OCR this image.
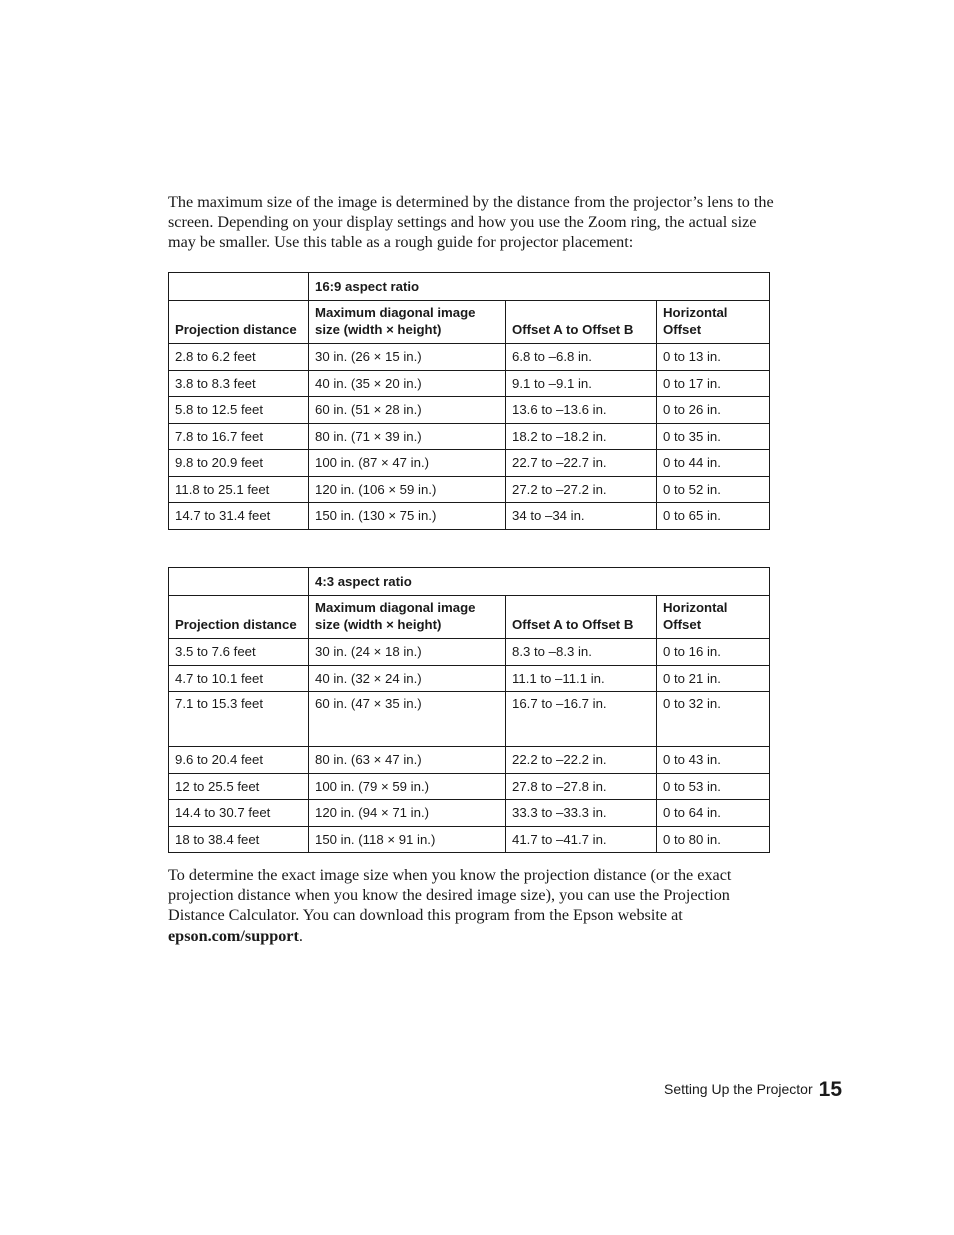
The maximum size of the image is determined by the distance from the projector’s lens to the screen. Depending on your display settings and how you use the Zoom ring, the actual size may be smaller. Use this table as a rough guide for projector placement:

	16:9 aspect ratio		
Projection distance	Maximum diagonal image size (width × height)	Offset A to Offset B	Horizontal Offset
2.8 to 6.2 feet	30 in. (26 × 15 in.)	6.8 to –6.8 in.	0 to 13 in.
3.8 to 8.3 feet	40 in. (35 × 20 in.)	9.1 to –9.1 in.	0 to 17 in.
5.8 to 12.5 feet	60 in. (51 × 28 in.)	13.6 to –13.6 in.	0 to 26 in.
7.8 to 16.7 feet	80 in. (71 × 39 in.)	18.2 to –18.2 in.	0 to 35 in.
9.8 to 20.9 feet	100 in. (87 × 47 in.)	22.7 to –22.7 in.	0 to 44 in.
11.8 to 25.1 feet	120 in. (106 × 59 in.)	27.2 to –27.2 in.	0 to 52 in.
14.7 to 31.4 feet	150 in. (130 × 75 in.)	34 to –34 in.	0 to 65 in.
	4:3 aspect ratio		
Projection distance	Maximum diagonal image size (width × height)	Offset A to Offset B	Horizontal Offset
3.5 to 7.6 feet	30 in. (24 × 18 in.)	8.3 to –8.3 in.	0 to 16 in.
4.7 to 10.1 feet	40 in. (32 × 24 in.)	11.1 to –11.1 in.	0 to 21 in.
7.1 to 15.3 feet	60 in. (47 × 35 in.)	16.7 to –16.7 in.	0 to 32 in.
9.6 to 20.4 feet	80 in. (63 × 47 in.)	22.2 to –22.2 in.	0 to 43 in.
12 to 25.5 feet	100 in. (79 × 59 in.)	27.8 to –27.8 in.	0 to 53 in.
14.4 to 30.7 feet	120 in. (94 × 71 in.)	33.3 to –33.3 in.	0 to 64 in.
18 to 38.4 feet	150 in. (118 × 91 in.)	41.7 to –41.7 in.	0 to 80 in.

To determine the exact image size when you know the projection distance (or the exact projection distance when you know the desired image size), you can use the Projection Distance Calculator. You can download this program from the Epson website at epson.com/support.

Setting Up the Projector 15
